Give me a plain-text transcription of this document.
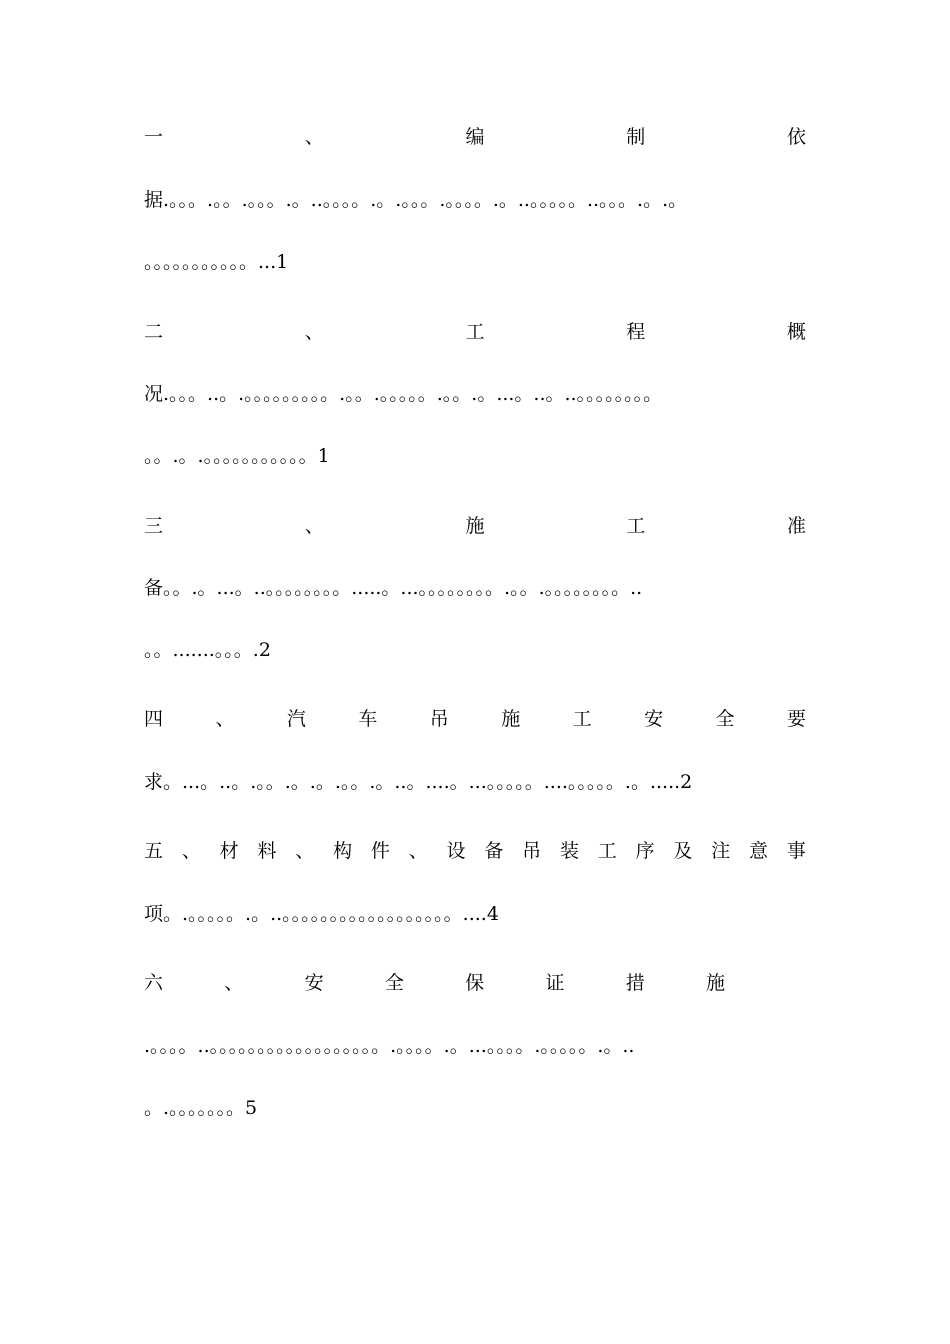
一	、	编	制	依
据.。。。.。。.。。。.。..。。。。.。.。。。.。。。。.。..。。。。。..。。。.。.。
。。。。。。。。。。。...1
二	、	工	程	概
况.。。。..。.。。。。。。。。。.。。.。。。。。.。。.。...。..。..。。。。。。。。
。。.。.。。。。。。。。。。。1
三	、	施	工	准
备。。.。...。..。。。。。。。。.....。...。。。。。。。。.。。.。。。。。。。。..
。。.......。。。.2
四	、	汽	车	吊	施	工	安	全	要
求。...。..。.。。.。.。.。。.。..。....。...。。。。。....。。。。。.。.....2
五 、 材 料 、 构 件 、 设 备 吊 装 工 序 及 注 意 事
项。.。。。。。.。..。。。。。。。。。。。。。。。。。。....4
六	、	安	全	保	证	措	施
.。。。。..。。。。。。。。。。。。。。。。。。.。。。。.。...。。。。.。。。。。.。..
。.。。。。。。。5
